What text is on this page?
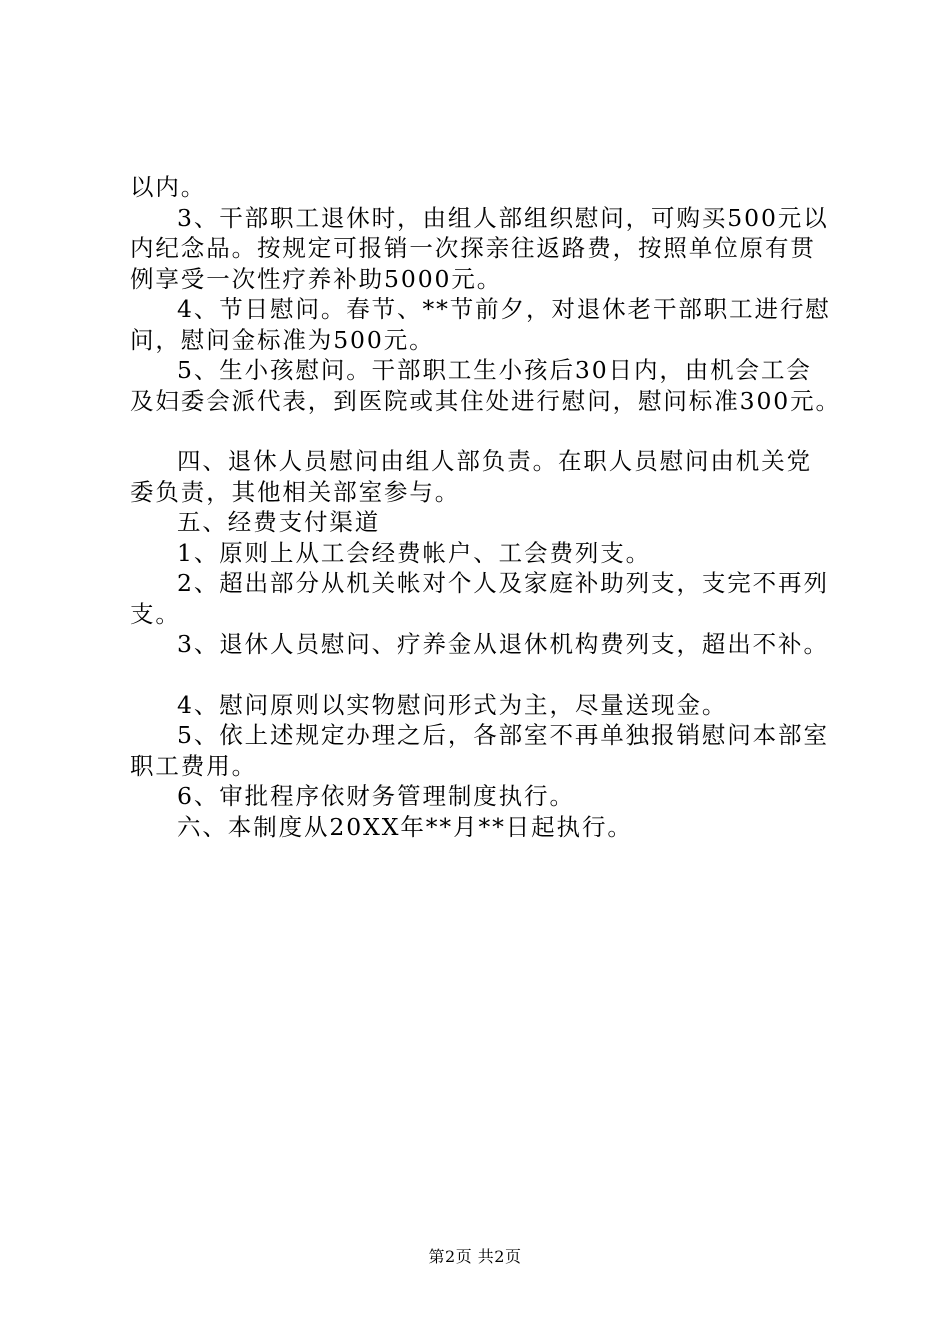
以内。

3、干部职工退休时，由组人部组织慰问，可购买500元以

内纪念品。按规定可报销一次探亲往返路费，按照单位原有贯

例享受一次性疗养补助5000元。

4、节日慰问。春节、**节前夕，对退休老干部职工进行慰

问，慰问金标准为500元。

5、生小孩慰问。干部职工生小孩后30日内，由机会工会

及妇委会派代表，到医院或其住处进行慰问，慰问标准300元。

四、退休人员慰问由组人部负责。在职人员慰问由机关党

委负责，其他相关部室参与。

五、经费支付渠道

1、原则上从工会经费帐户、工会费列支。

2、超出部分从机关帐对个人及家庭补助列支，支完不再列

支。

3、退休人员慰问、疗养金从退休机构费列支，超出不补。

4、慰问原则以实物慰问形式为主，尽量送现金。

5、依上述规定办理之后，各部室不再单独报销慰问本部室

职工费用。

6、审批程序依财务管理制度执行。

六、本制度从20XX年**月**日起执行。

第2页 共2页
